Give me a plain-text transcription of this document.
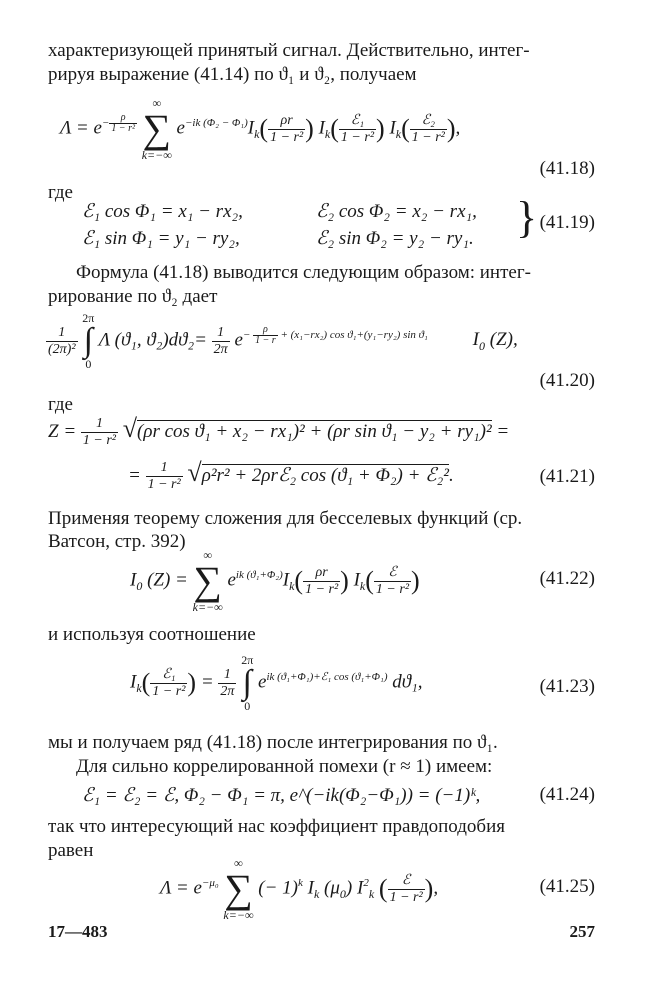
характеризующей принятый сигнал. Действительно, интег-
рируя выражение (41.14) по ϑ₁ и ϑ₂, получаем
$\Lambda = e^{- \frac{\rho}{\text{1 − r²}}}$

∞
∑
k=−∞
$e^{-ik (\Phi_2 - \Phi_1)}I_k( \frac{\rho r}{\text{1 − r²}}$ ) $I_k( \frac{\text{ℰ₁}}{\text{1 − r²}}$ ) $I_k( \frac{\text{ℰ₂}}{\text{1 − r²}}$ ),
(41.18)
где
ℰ₁ cos Φ₁ = x₁ − rx₂,	ℰ₂ cos Φ₂ = x₂ − rx₁,
ℰ₁ sin Φ₁ = y₁ − ry₂,	ℰ₂ sin Φ₂ = y₂ − ry₁. } (41.19)
Формула (41.18) выводится следующим образом: интег-
рирование по ϑ₂ дает
$\frac{1}{\text{(2π)²}}$

2π
∫
0
Λ (ϑ₁, $ϑ_2)dϑ_2= \frac{1}{2\pi} e^{- \frac{\rho}{1 - r} + (x_1-rx_2) cos ϑ_1+(y_1-ry_2) sin ϑ_1}$ $I_0$ (Z),
(41.20)
где
$Z = \frac{1}{\text{1 − r²}} √(\rho r$ cos ϑ₁ + x₂ − rx₁)² + (ρr sin ϑ₁ − y₂ + ry₁)² =
= $\frac{1}{\text{1 − r²}} √\rho^2r^2$ + 2ρrℰ₂ cos (ϑ₁ + Φ₂) + ℰ₂².	(41.21)
Применяя теорему сложения для бесселевых функций (ср.
Ватсон, стр. 392)
$I_0$ (Z) =
∞
∑
k=−∞
$e^{ik (ϑ_1+\Phi_2)}I_k( \frac{\rho r}{\text{1 − r²}}$ ) $I_k( \frac{\text{ℰ}}{\text{1 − r²}}$ )	(41.22)
и используя соотношение
$I_k( \frac{\text{ℰ₁}}{\text{1 − r²}}$ ) = $\frac{1}{2\pi}$

2π
∫
0
$e^{ik (ϑ_1+\Phi_1)+ℰ_1 cos (ϑ_1+\Phi_1)}$ dϑ₁,	(41.23)
мы и получаем ряд (41.18) после интегрирования по ϑ₁.
Для сильно коррелированной помехи (r ≈ 1) имеем:
ℰ₁ = ℰ₂ = ℰ, Φ₂ − Φ₁ = π, e^(−ik(Φ₂−Φ₁)) = (−1)ᵏ,	(41.24)
так что интересующий нас коэффициент правдоподобия
равен
$\Lambda = e^{-\mu_0}$
∞
∑
k=−∞
(− 1)$^k$ $I_k$ $(\mu_0)$ $I^2_k$ ( $\frac{\text{ℰ}}{\text{1 − r²}}$ ),	(41.25)
17—483	257
